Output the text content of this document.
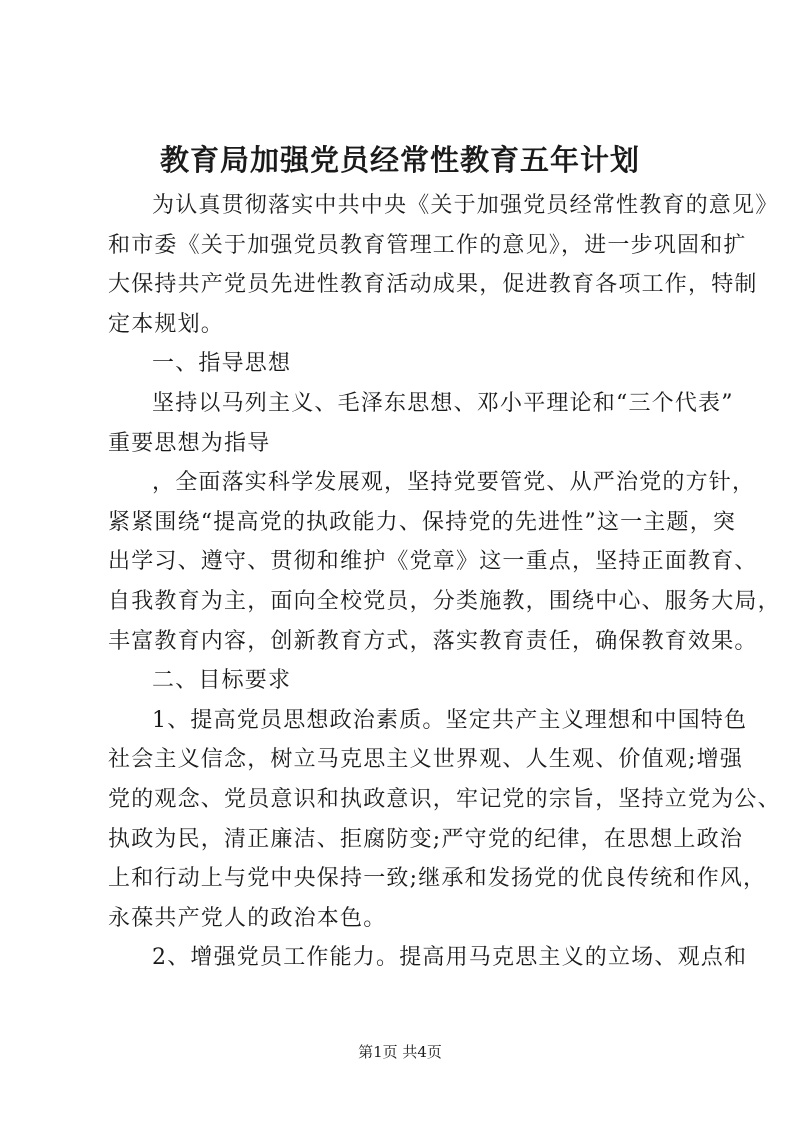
教育局加强党员经常性教育五年计划
为认真贯彻落实中共中央《关于加强党员经常性教育的意见》
和市委《关于加强党员教育管理工作的意见》，进一步巩固和扩
大保持共产党员先进性教育活动成果，促进教育各项工作，特制
定本规划。
一、指导思想
坚持以马列主义、毛泽东思想、邓小平理论和“三个代表”
重要思想为指导
，全面落实科学发展观，坚持党要管党、从严治党的方针，
紧紧围绕“提高党的执政能力、保持党的先进性”这一主题，突
出学习、遵守、贯彻和维护《党章》这一重点，坚持正面教育、
自我教育为主，面向全校党员，分类施教，围绕中心、服务大局，
丰富教育内容，创新教育方式，落实教育责任，确保教育效果。
二、目标要求
1、提高党员思想政治素质。坚定共产主义理想和中国特色
社会主义信念，树立马克思主义世界观、人生观、价值观;增强
党的观念、党员意识和执政意识，牢记党的宗旨，坚持立党为公、
执政为民，清正廉洁、拒腐防变;严守党的纪律，在思想上政治
上和行动上与党中央保持一致;继承和发扬党的优良传统和作风，
永葆共产党人的政治本色。
2、增强党员工作能力。提高用马克思主义的立场、观点和
第1页 共4页
